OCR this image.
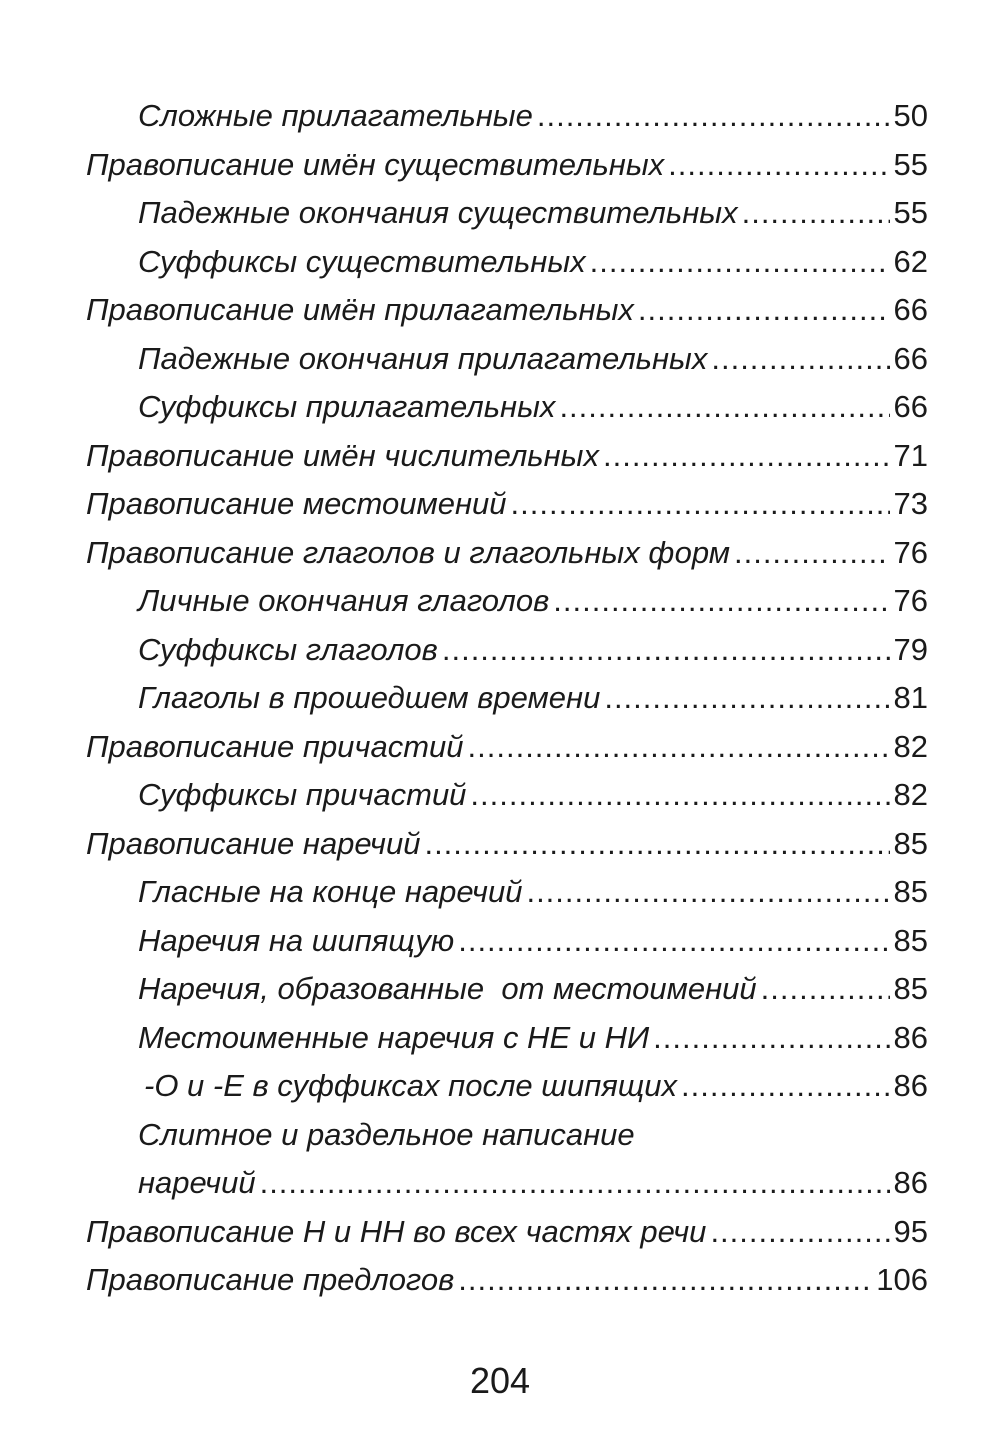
Сложные прилагательные .....	50
Правописание имён существительных .....	55
Падежные окончания существительных .....	55
Суффиксы существительных .....	62
Правописание имён прилагательных .....	66
Падежные окончания прилагательных .....	66
Суффиксы прилагательных .....	66
Правописание имён числительных .....	71
Правописание местоимений .....	73
Правописание глаголов и глагольных форм .....	76
Личные окончания глаголов .....	76
Суффиксы глаголов .....	79
Глаголы в прошедшем времени .....	81
Правописание причастий .....	82
Суффиксы причастий .....	82
Правописание наречий .....	85
Гласные на конце наречий .....	85
Наречия на шипящую .....	85
Наречия, образованные  от местоимений .....	85
Местоименные наречия с НЕ и НИ .....	86
-О и -Е в суффиксах после шипящих .....	86
Слитное и раздельное написание
наречий .....	86
Правописание Н и НН во всех частях речи .....	95
Правописание предлогов .....	106
204
